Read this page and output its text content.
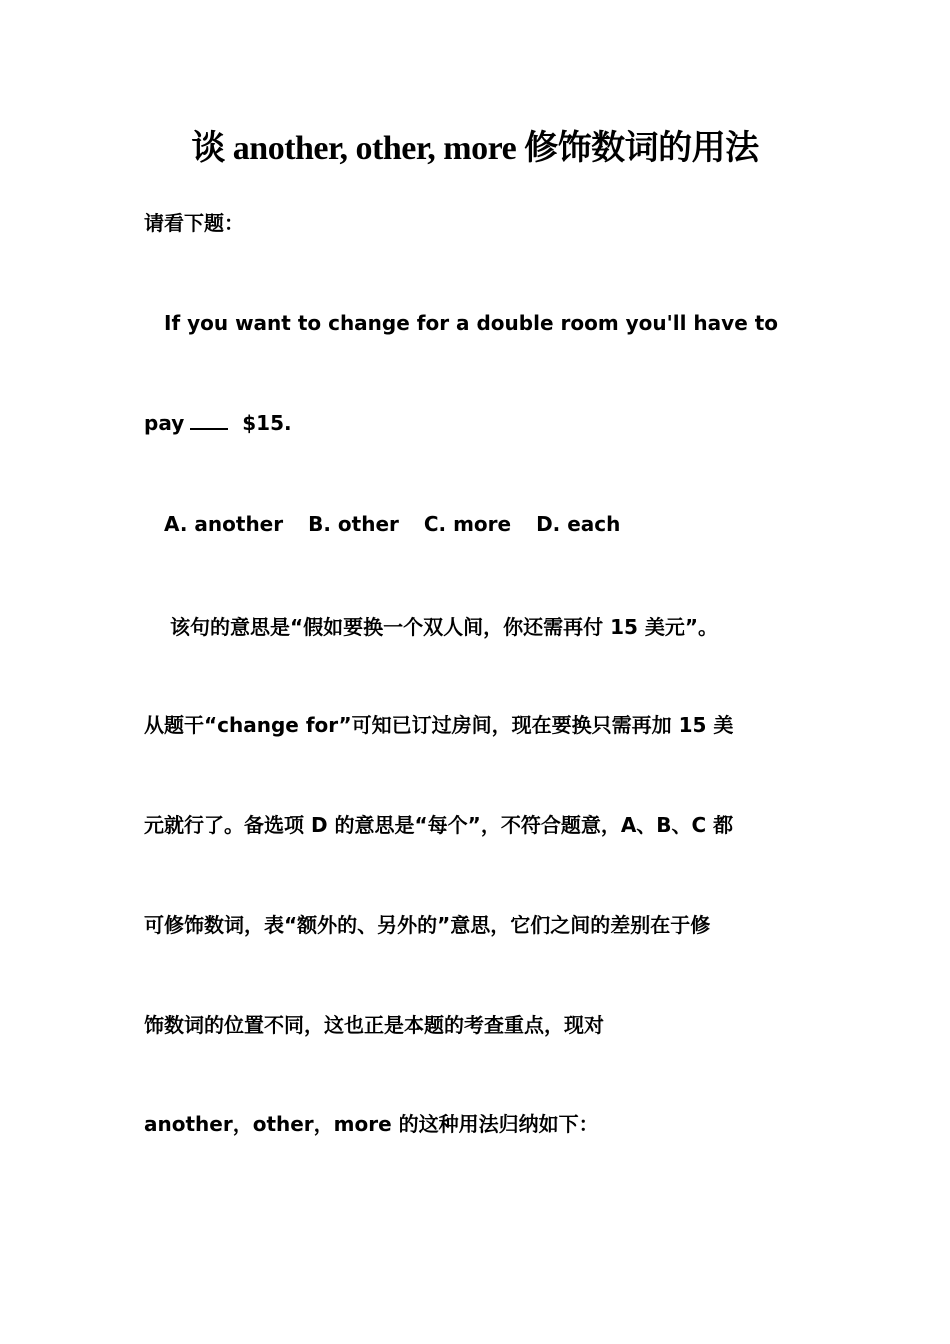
谈 another, other, more 修饰数词的用法
请看下题：
If you want to change for a double room you'll have to
pay	$15.
A. another B. other C. more D. each
该句的意思是“假如要换一个双人间，你还需再付 15 美元”。
从题干“change for”可知已订过房间，现在要换只需再加 15 美
元就行了。备选项 D 的意思是“每个”，不符合题意，A、B、C 都
可修饰数词，表“额外的、另外的”意思，它们之间的差别在于修
饰数词的位置不同，这也正是本题的考查重点，现对
another，other，more 的这种用法归纳如下：
